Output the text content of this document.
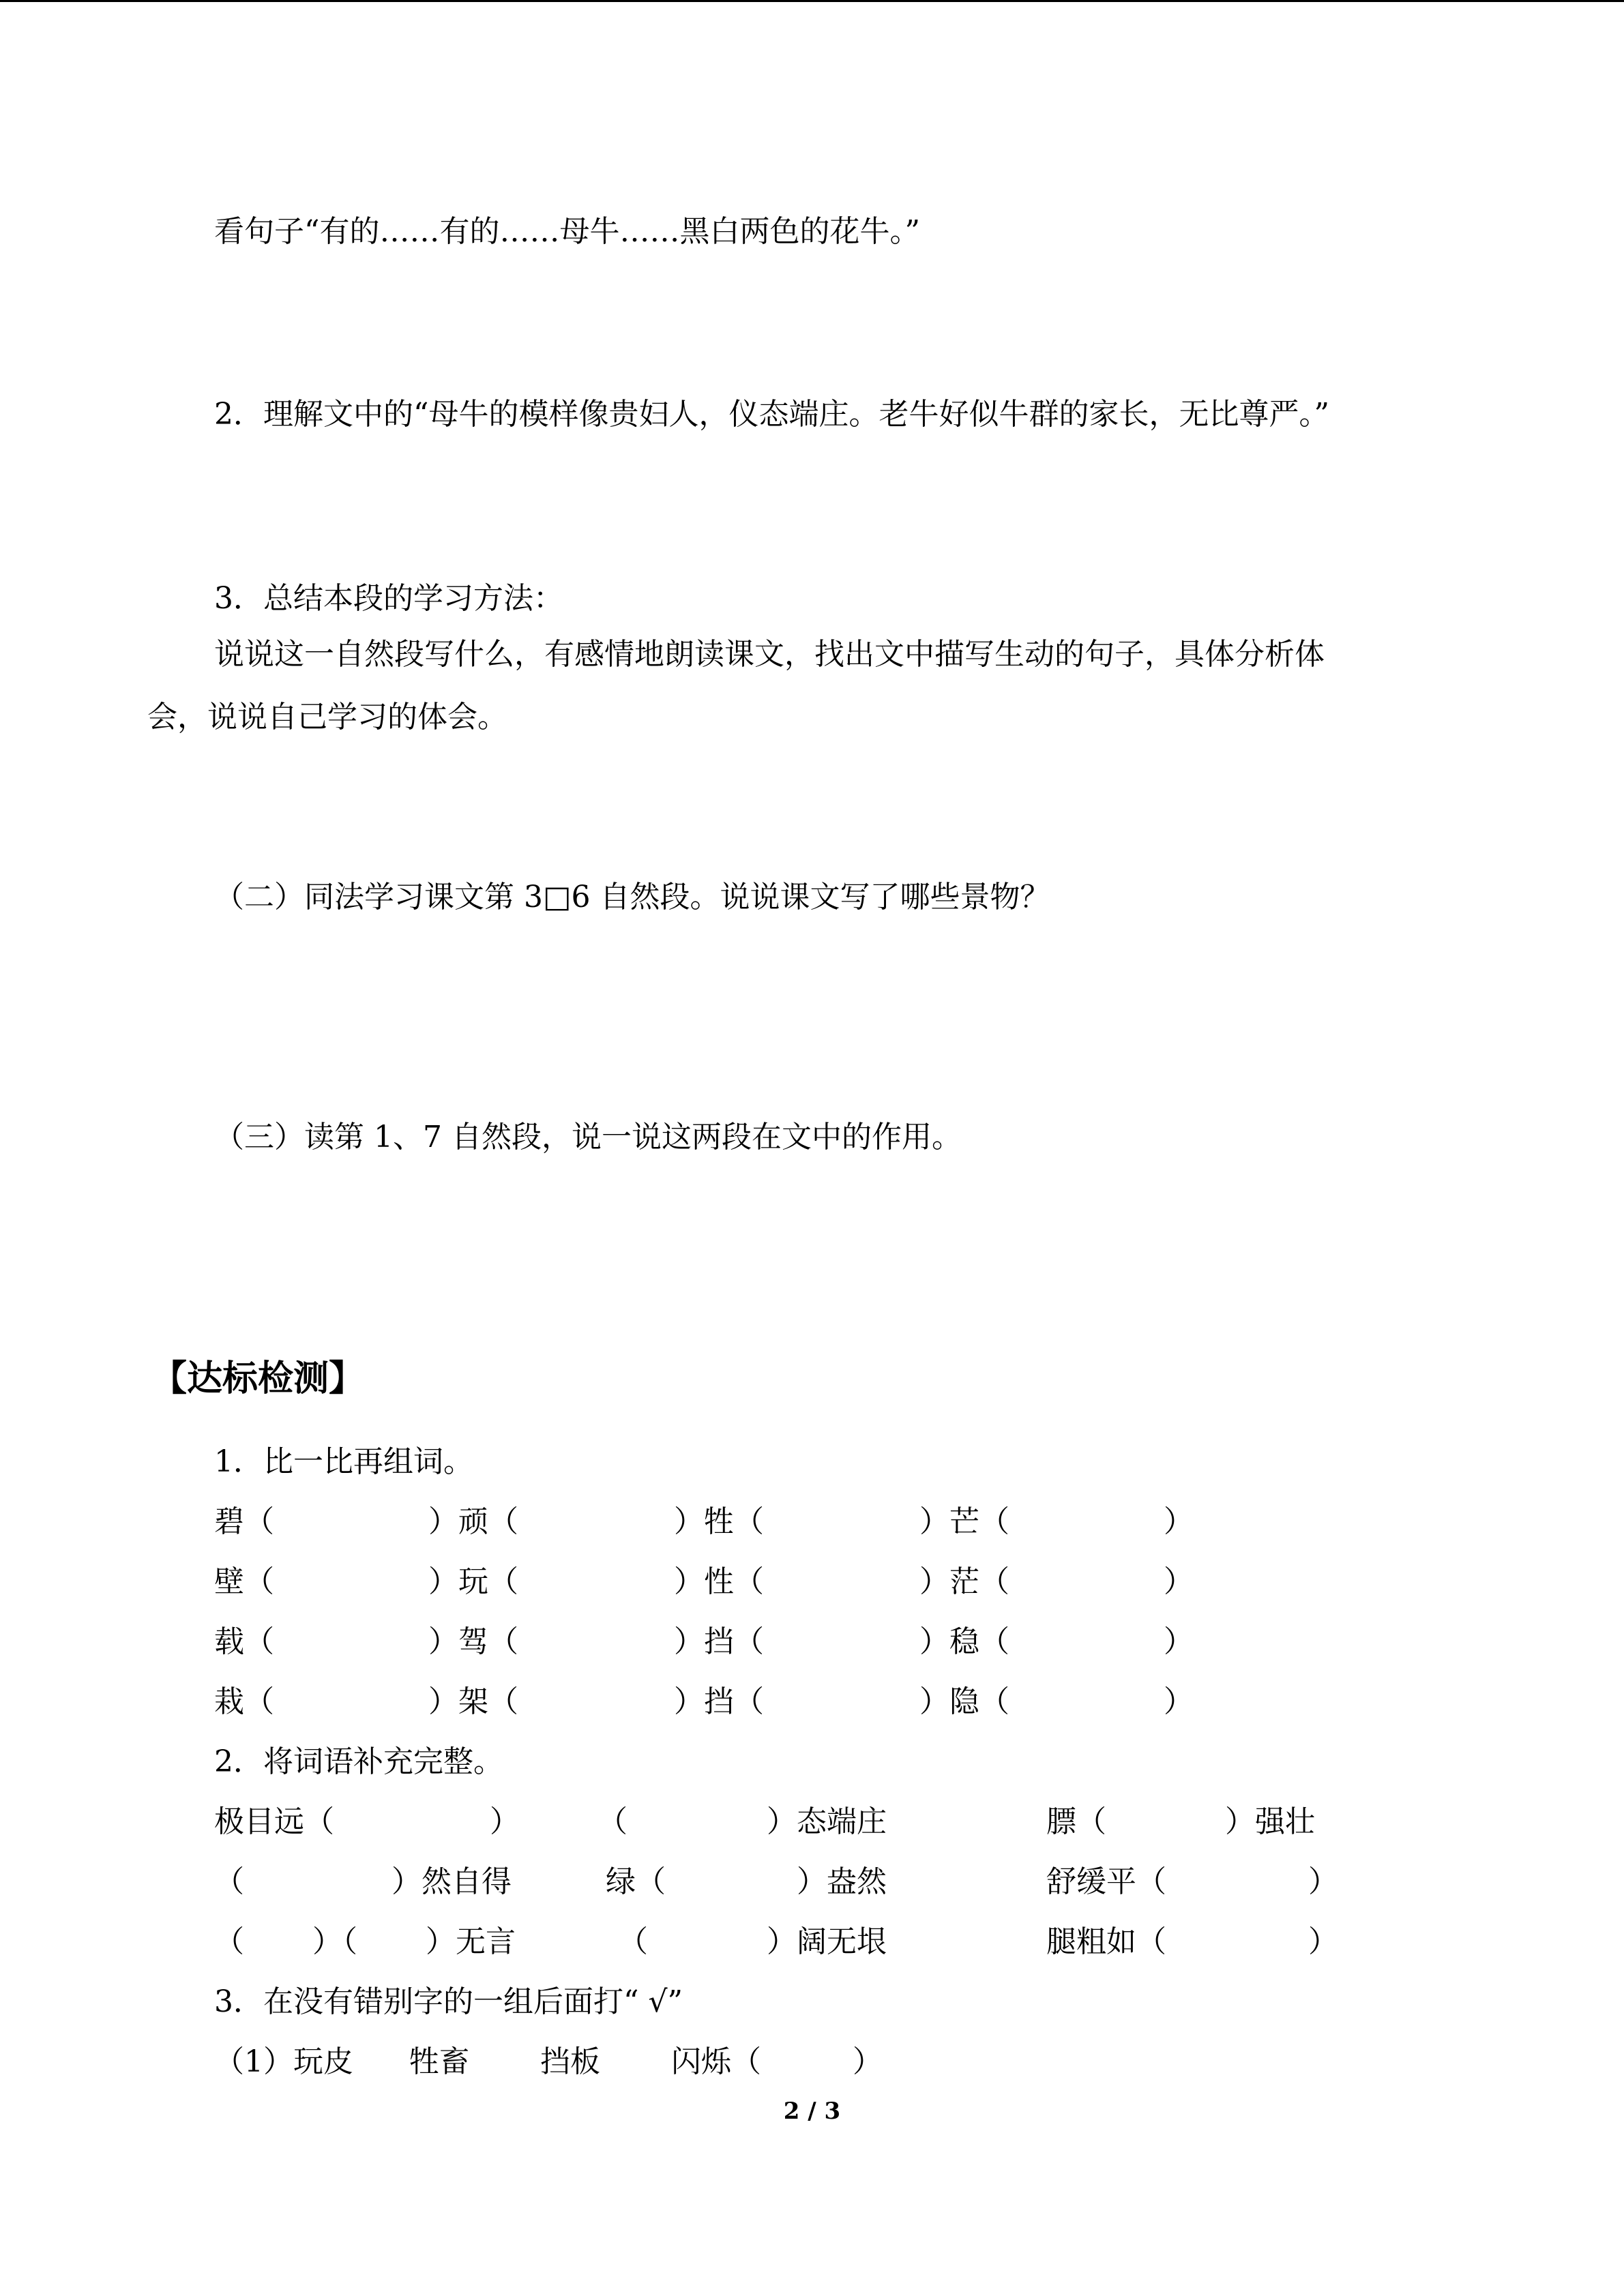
看句子“有的……有的……母牛……黑白两色的花牛。”
2．理解文中的“母牛的模样像贵妇人，仪态端庄。老牛好似牛群的家长，无比尊严。”
3．总结本段的学习方法：
说说这一自然段写什么，有感情地朗读课文，找出文中描写生动的句子，具体分析体
会，说说自己学习的体会。
（二）同法学习课文第 3□6 自然段。说说课文写了哪些景物？
（三）读第 1、7 自然段，说一说这两段在文中的作用。
【达标检测】
1．比一比再组词。
碧（	）顽（	）牲（	）芒（	）
壁（	）玩（	）性（	）茫（	）
载（	）驾（	）挡（	）稳（	）
栽（	）架（	）挡（	）隐（	）
2．将词语补充完整。
极目远（	）	（	）态端庄	膘（	）强壮
（	）然自得	绿（	）盎然	舒缓平（	）
（ ）（ ）无言	（	）阔无垠	腿粗如（	）
3．在没有错别字的一组后面打“ √”
（1）玩皮 牲畜 挡板 闪烁（	）
2 / 3
